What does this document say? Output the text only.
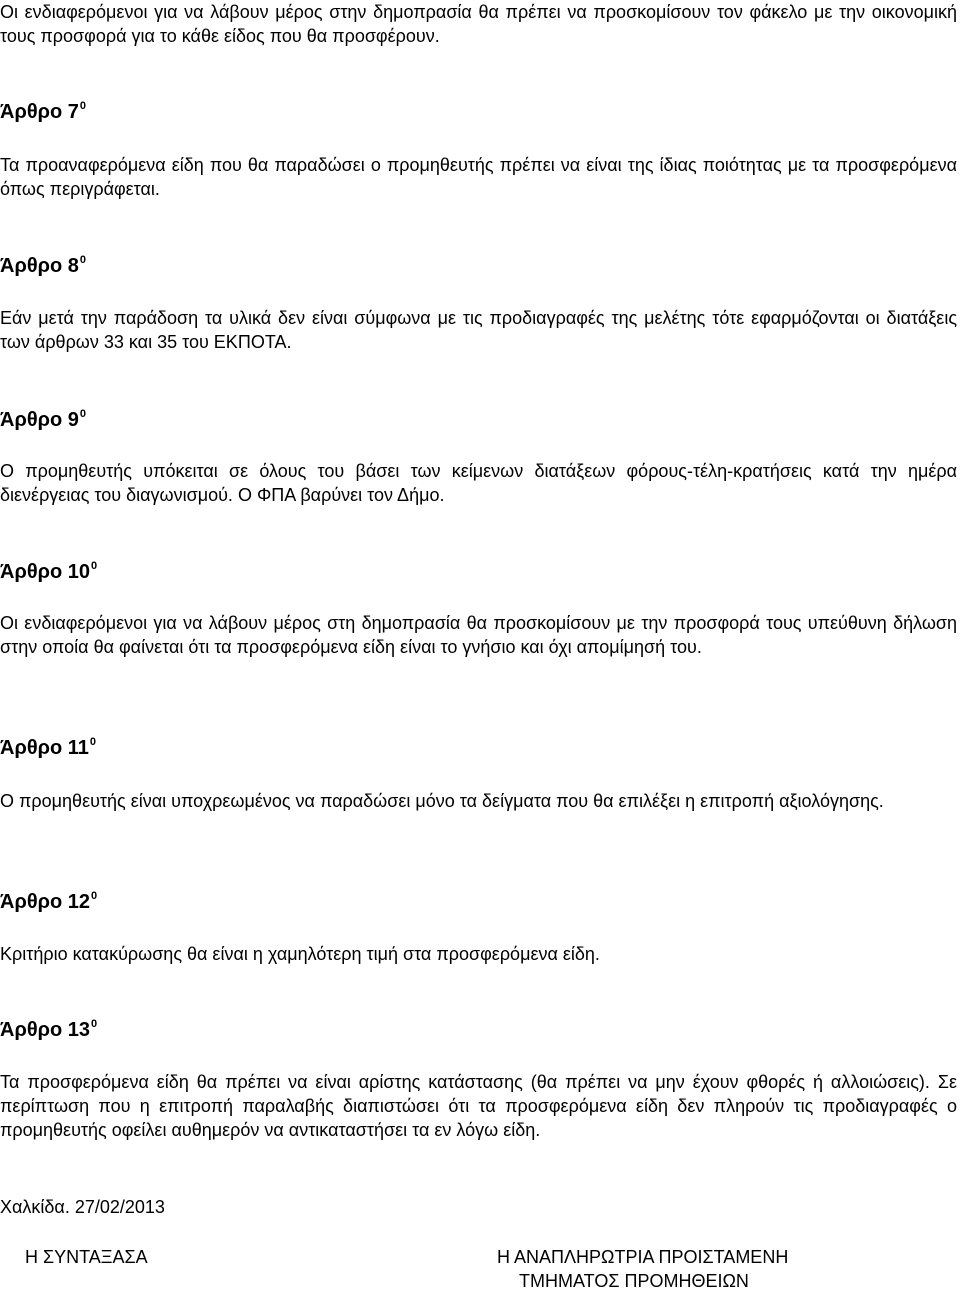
Οι ενδιαφερόμενοι για να λάβουν μέρος στην δημοπρασία θα πρέπει να προσκομίσουν τον φάκελο με την οικονομική τους προσφορά για το κάθε είδος που θα προσφέρουν.

Άρθρο $7^0$

Τα προαναφερόμενα είδη που θα παραδώσει ο προμηθευτής πρέπει να είναι της ίδιας ποιότητας με τα προσφερόμενα όπως περιγράφεται.

Άρθρο $8^0$

Εάν μετά την παράδοση τα υλικά δεν είναι σύμφωνα με τις προδιαγραφές της μελέτης τότε εφαρμόζονται οι διατάξεις των άρθρων 33 και 35 του ΕΚΠΟΤΑ.

Άρθρο $9^0$

Ο προμηθευτής υπόκειται σε όλους του βάσει των κείμενων διατάξεων φόρους-τέλη-κρατήσεις κατά την ημέρα διενέργειας του διαγωνισμού. Ο ΦΠΑ βαρύνει τον Δήμο.

Άρθρο $10^0$

Οι ενδιαφερόμενοι για να λάβουν μέρος στη δημοπρασία θα προσκομίσουν με την προσφορά τους υπεύθυνη δήλωση στην οποία θα φαίνεται ότι τα προσφερόμενα είδη είναι το γνήσιο και όχι απομίμησή του.

Άρθρο $11^0$

Ο προμηθευτής είναι υποχρεωμένος να παραδώσει μόνο τα δείγματα που θα επιλέξει η επιτροπή αξιολόγησης.

Άρθρο $12^0$

Κριτήριο κατακύρωσης θα είναι η χαμηλότερη τιμή στα προσφερόμενα είδη.

Άρθρο $13^0$

Τα προσφερόμενα είδη θα πρέπει να είναι αρίστης κατάστασης (θα πρέπει να μην έχουν φθορές ή αλλοιώσεις). Σε περίπτωση που η επιτροπή παραλαβής διαπιστώσει ότι τα προσφερόμενα είδη δεν πληρούν τις προδιαγραφές ο προμηθευτής οφείλει αυθημερόν να αντικαταστήσει τα εν λόγω είδη.

Χαλκίδα. 27/02/2013

Η ΣΥΝΤΑΞΑΣΑ	Η ΑΝΑΠΛΗΡΩΤΡΙΑ ΠΡΟΙΣΤΑΜΕΝΗ

ΤΜΗΜΑΤΟΣ ΠΡΟΜΗΘΕΙΩΝ
